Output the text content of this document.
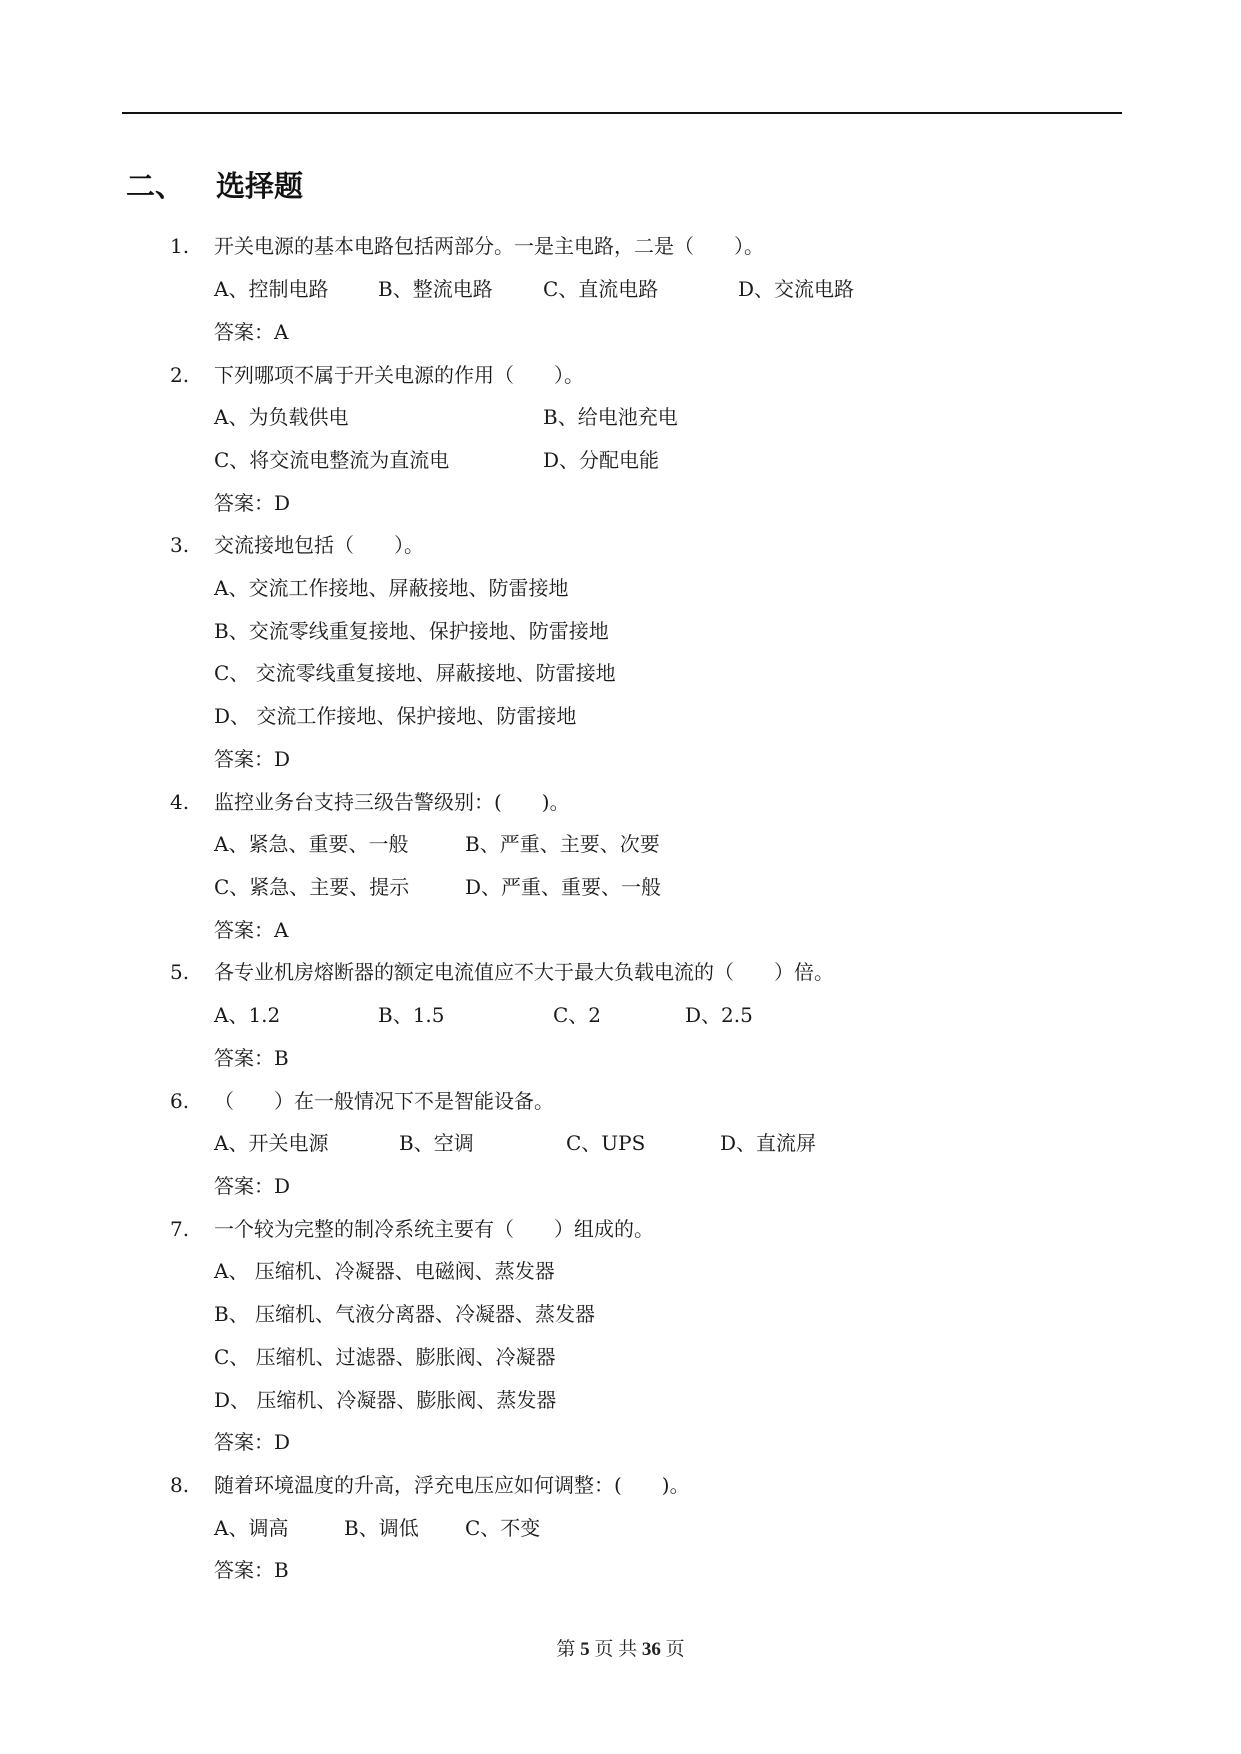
二、 选择题
1. 开关电源的基本电路包括两部分。一是主电路，二是（　　）。
A、控制电路 B、整流电路	C、直流电路	D、交流电路
答案：A
2. 下列哪项不属于开关电源的作用（　　）。
A、为负载供电	B、给电池充电
C、将交流电整流为直流电	D、分配电能
答案：D
3. 交流接地包括（　　）。
A、交流工作接地、屏蔽接地、防雷接地
B、交流零线重复接地、保护接地、防雷接地
C、 交流零线重复接地、屏蔽接地、防雷接地
D、 交流工作接地、保护接地、防雷接地
答案：D
4. 监控业务台支持三级告警级别：(　　)。
A、紧急、重要、一般	B、严重、主要、次要
C、紧急、主要、提示	D、严重、重要、一般
答案：A
5. 各专业机房熔断器的额定电流值应不大于最大负载电流的（　　）倍。
A、1.2	B、1.5	C、2	D、2.5
答案：B
6. （　　）在一般情况下不是智能设备。
A、开关电源	B、空调	C、UPS	D、直流屏
答案：D
7. 一个较为完整的制冷系统主要有（　　）组成的。
A、 压缩机、冷凝器、电磁阀、蒸发器
B、 压缩机、气液分离器、冷凝器、蒸发器
C、 压缩机、过滤器、膨胀阀、冷凝器
D、 压缩机、冷凝器、膨胀阀、蒸发器
答案：D
8. 随着环境温度的升高，浮充电压应如何调整：(　　)。
A、调高	B、调低 C、不变
答案：B
第 5 页 共 36 页
